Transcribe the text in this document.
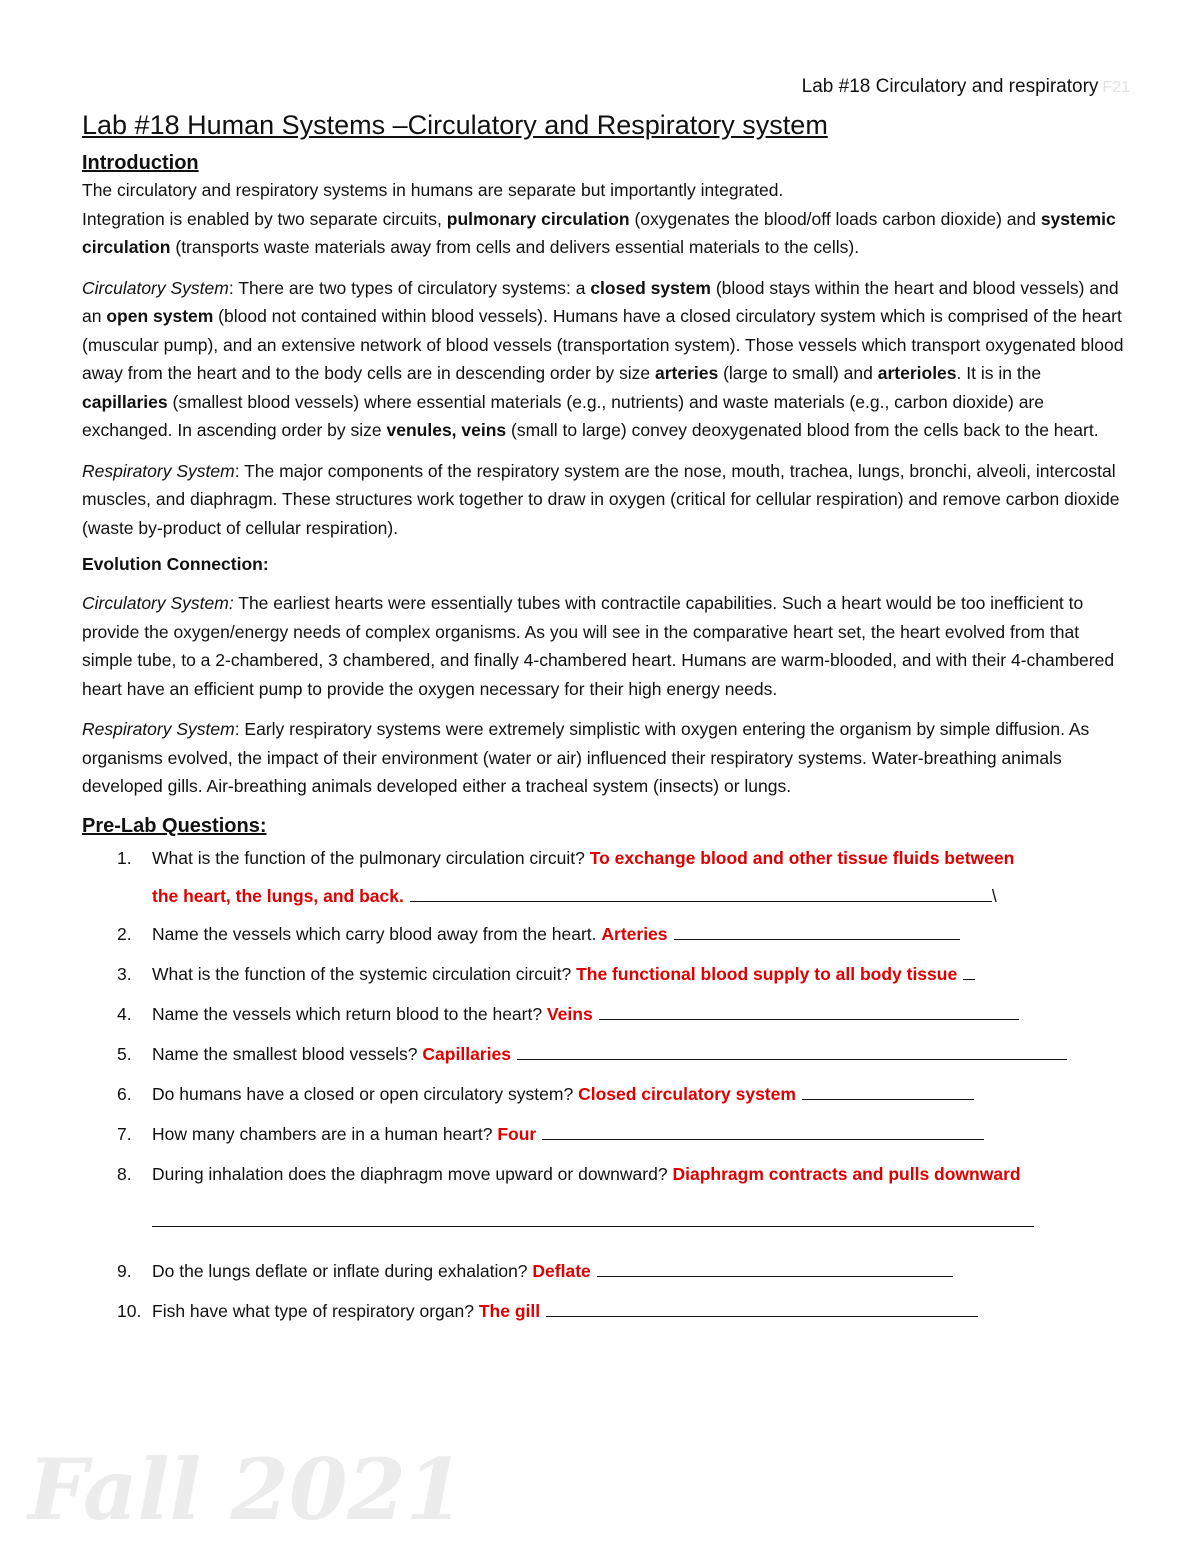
Lab #18 Circulatory and respiratory F21
Lab #18 Human Systems –Circulatory and Respiratory system
Introduction

The circulatory and respiratory systems in humans are separate but importantly integrated.
Integration is enabled by two separate circuits, pulmonary circulation (oxygenates the blood/off loads carbon dioxide) and systemic circulation (transports waste materials away from cells and delivers essential materials to the cells).

Circulatory System: There are two types of circulatory systems: a closed system (blood stays within the heart and blood vessels) and an open system (blood not contained within blood vessels). Humans have a closed circulatory system which is comprised of the heart (muscular pump), and an extensive network of blood vessels (transportation system). Those vessels which transport oxygenated blood away from the heart and to the body cells are in descending order by size arteries (large to small) and arterioles. It is in the capillaries (smallest blood vessels) where essential materials (e.g., nutrients) and waste materials (e.g., carbon dioxide) are exchanged. In ascending order by size venules, veins (small to large) convey deoxygenated blood from the cells back to the heart.

Respiratory System: The major components of the respiratory system are the nose, mouth, trachea, lungs, bronchi, alveoli, intercostal muscles, and diaphragm. These structures work together to draw in oxygen (critical for cellular respiration) and remove carbon dioxide (waste by-product of cellular respiration).

Evolution Connection:

Circulatory System: The earliest hearts were essentially tubes with contractile capabilities. Such a heart would be too inefficient to provide the oxygen/energy needs of complex organisms. As you will see in the comparative heart set, the heart evolved from that simple tube, to a 2-chambered, 3 chambered, and finally 4-chambered heart. Humans are warm-blooded, and with their 4-chambered heart have an efficient pump to provide the oxygen necessary for their high energy needs.

Respiratory System: Early respiratory systems were extremely simplistic with oxygen entering the organism by simple diffusion. As organisms evolved, the impact of their environment (water or air) influenced their respiratory systems. Water-breathing animals developed gills. Air-breathing animals developed either a tracheal system (insects) or lungs.

Pre-Lab Questions:
1. What is the function of the pulmonary circulation circuit? To exchange blood and other tissue fluids between
the heart, the lungs, and back.	\
2. Name the vessels which carry blood away from the heart. Arteries
3. What is the function of the systemic circulation circuit? The functional blood supply to all body tissue
4. Name the vessels which return blood to the heart? Veins
5. Name the smallest blood vessels? Capillaries
6. Do humans have a closed or open circulatory system? Closed circulatory system
7. How many chambers are in a human heart? Four
8. During inhalation does the diaphragm move upward or downward? Diaphragm contracts and pulls downward

9. Do the lungs deflate or inflate during exhalation? Deflate
10. Fish have what type of respiratory organ? The gill
Fall 2021
